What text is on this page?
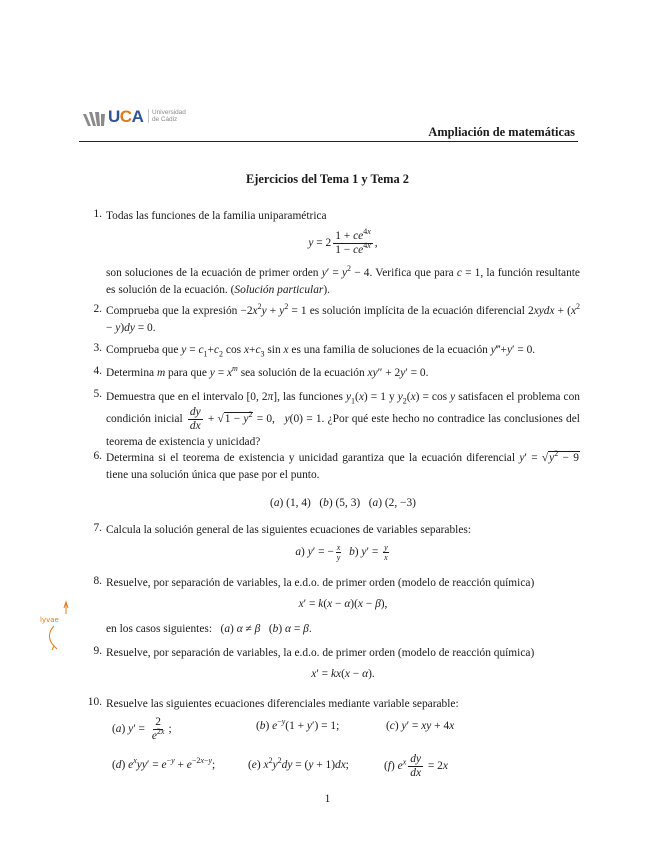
UCA Universidad
de Cádiz
Ampliación de matemáticas
Ejercicios del Tema 1 y Tema 2
1. Todas las funciones de la familia uniparamétrica
$y = 2 \frac{1 + ce^{4x}}{1 - ce^{4x}}$ ,
son soluciones de la ecuación de primer orden $y' = y^2 - 4$. Verifica que para c = 1, la función resultante es solución de la ecuación. (Solución particular).
2. Comprueba que la expresión $-2x^2y + y^2 = 1$ es solución implícita de la ecuación diferencial 2xydx + $(x^2 - y)dy = 0$.
3. Comprueba que $y = c_1+c_2$ $\cos x+c_3$ sin x es una familia de soluciones de la ecuación y‴+y′ = 0.
4. Determina m para que $y = x^m$ sea solución de la ecuación xy″ + 2y′ = 0.
5. Demuestra que en el intervalo [0, 2π], las funciones $y_1(x) = 1$ y $y_2(x) = \cos y$ satisfacen el problema con condición inicial $\frac{dy}{dx} + √1 - y^2 = 0$,   y(0) = 1. ¿Por qué este hecho no contradice las conclusiones del teorema de existencia y unicidad?
6. Determina si el teorema de existencia y unicidad garantiza que la ecuación diferencial $y' = √y^2 - 9$ tiene una solución única que pase por el punto.
(a) (1, 4)   (b) (5, 3)   (a) (2, −3)
7. Calcula la solución general de las siguientes ecuaciones de variables separables:
a) y′ = − $\frac{x}{y} b$) $y' = \frac{y}{x}$
8. Resuelve, por separación de variables, la e.d.o. de primer orden (modelo de reacción química)
x′ = k(x − α)(x − β),
en los casos siguientes:   (a) α ≠ β   (b) α = β.
lyvae
9. Resuelve, por separación de variables, la e.d.o. de primer orden (modelo de reacción química)
x′ = kx(x − α).
10. Resuelve las siguientes ecuaciones diferenciales mediante variable separable:
(a) $y' = \frac{2}{e^{2x}}$ ;	(b) $e^{-y}(1 + y') = 1$;	(c) y′ = xy + 4x
(d) $e^xyy' = e^{-y} + e^{-2x-y}$;	(e) $x^2y^2dy = (y + 1)dx$;	(f) $e^x \frac{dy}{dx} = 2x$
1
